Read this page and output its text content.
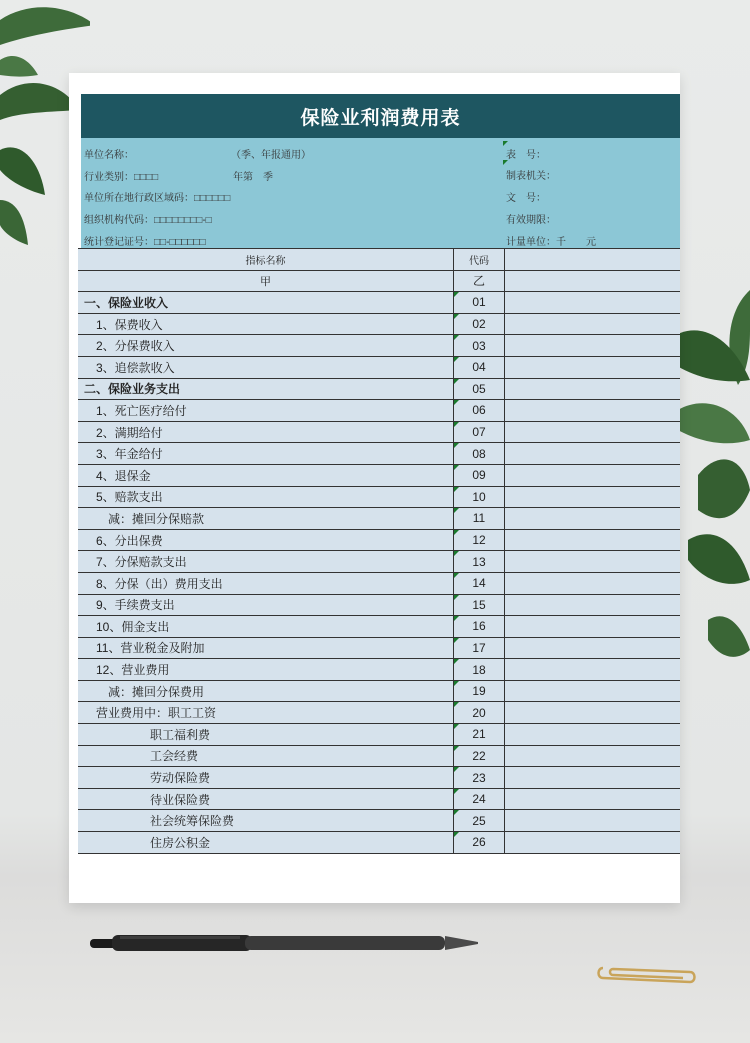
保险业利润费用表
单位名称：	（季、年报通用）
行业类别：□□□□	年第　季
单位所在地行政区域码：□□□□□□
组织机构代码：□□□□□□□□-□
统计登记证号：□□-□□□□□□
表　号：
制表机关：
文　号：
有效期限：
计量单位：千　　元
指标名称	代码
甲	乙
一、保险业收入	01
1、保费收入	02
2、分保费收入	03
3、追偿款收入	04
二、保险业务支出	05
1、死亡医疗给付	06
2、满期给付	07
3、年金给付	08
4、退保金	09
5、赔款支出	10
减：摊回分保赔款	11
6、分出保费	12
7、分保赔款支出	13
8、分保（出）费用支出	14
9、手续费支出	15
10、佣金支出	16
11、营业税金及附加	17
12、营业费用	18
减：摊回分保费用	19
营业费用中：职工工资	20
职工福利费	21
工会经费	22
劳动保险费	23
待业保险费	24
社会统筹保险费	25
住房公积金	26
